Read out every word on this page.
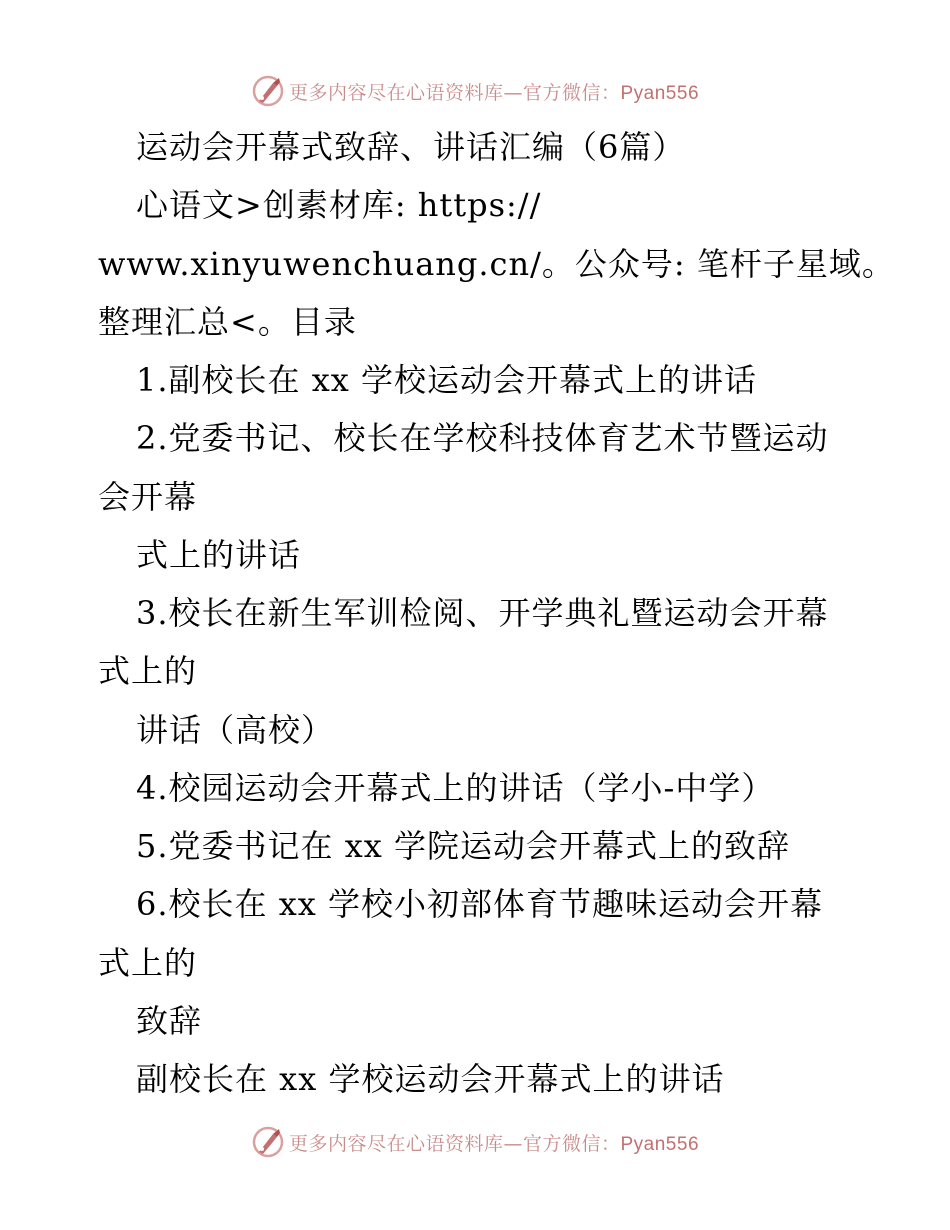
更多内容尽在心语资料库—官方微信：Pyan556
运动会开幕式致辞、讲话汇编（6篇）
心语文>创素材库: https://
www.xinyuwenchuang.cn/。公众号: 笔杆子星域。
整理汇总<。目录
1.副校长在 xx 学校运动会开幕式上的讲话
2.党委书记、校长在学校科技体育艺术节暨运动
会开幕
式上的讲话
3.校长在新生军训检阅、开学典礼暨运动会开幕
式上的
讲话（高校）
4.校园运动会开幕式上的讲话（学小-中学）
5.党委书记在 xx 学院运动会开幕式上的致辞
6.校长在 xx 学校小初部体育节趣味运动会开幕
式上的
致辞
副校长在 xx 学校运动会开幕式上的讲话
更多内容尽在心语资料库—官方微信：Pyan556
